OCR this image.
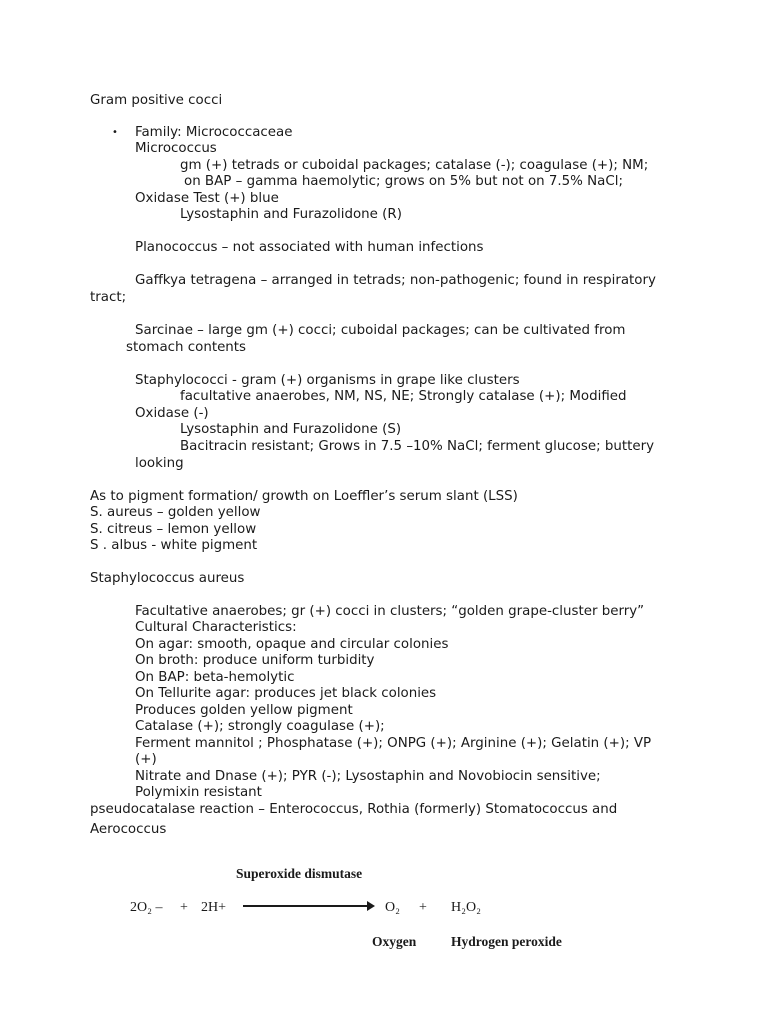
Gram positive cocci
• Family: Micrococcaceae
Micrococcus
gm (+) tetrads or cuboidal packages; catalase (-); coagulase (+); NM;
on BAP – gamma haemolytic; grows on 5% but not on 7.5% NaCl;
Oxidase Test (+) blue
Lysostaphin and Furazolidone (R)
Planococcus – not associated with human infections
Gaffkya tetragena – arranged in tetrads; non-pathogenic; found in respiratory
tract;
Sarcinae – large gm (+) cocci; cuboidal packages; can be cultivated from
stomach contents
Staphylococci - gram (+) organisms in grape like clusters
facultative anaerobes, NM, NS, NE; Strongly catalase (+); Modified
Oxidase (-)
Lysostaphin and Furazolidone (S)
Bacitracin resistant; Grows in 7.5 –10% NaCl; ferment glucose; buttery
looking
As to pigment formation/ growth on Loeffler’s serum slant (LSS)
S. aureus – golden yellow
S. citreus – lemon yellow
S . albus - white pigment
Staphylococcus aureus
Facultative anaerobes; gr (+) cocci in clusters; “golden grape-cluster berry”
Cultural Characteristics:
On agar: smooth, opaque and circular colonies
On broth: produce uniform turbidity
On BAP: beta-hemolytic
On Tellurite agar: produces jet black colonies
Produces golden yellow pigment
Catalase (+); strongly coagulase (+);
Ferment mannitol ; Phosphatase (+); ONPG (+); Arginine (+); Gelatin (+); VP
(+)
Nitrate and Dnase (+); PYR (-); Lysostaphin and Novobiocin sensitive;
Polymixin resistant
pseudocatalase reaction – Enterococcus, Rothia (formerly) Stomatococcus and
Aerococcus
Superoxide dismutase
2O₂ ‒ + 2H+	O₂ + H₂O₂
Oxygen	Hydrogen peroxide
